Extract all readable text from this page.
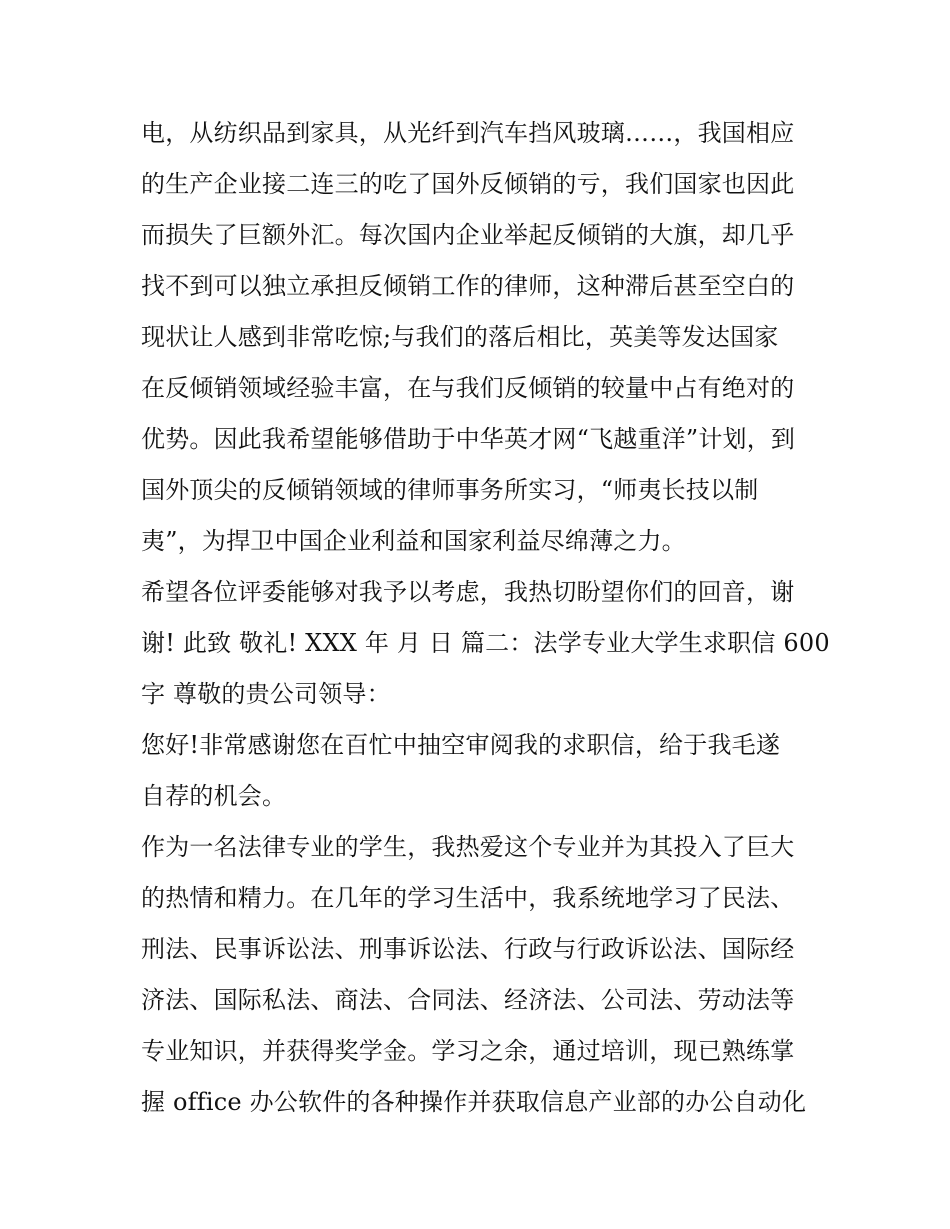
电，从纺织品到家具，从光纤到汽车挡风玻璃……，我国相应
的生产企业接二连三的吃了国外反倾销的亏，我们国家也因此
而损失了巨额外汇。每次国内企业举起反倾销的大旗，却几乎
找不到可以独立承担反倾销工作的律师，这种滞后甚至空白的
现状让人感到非常吃惊;与我们的落后相比，英美等发达国家
在反倾销领域经验丰富，在与我们反倾销的较量中占有绝对的
优势。因此我希望能够借助于中华英才网“飞越重洋”计划，到
国外顶尖的反倾销领域的律师事务所实习，“师夷长技以制
夷”，为捍卫中国企业利益和国家利益尽绵薄之力。
希望各位评委能够对我予以考虑，我热切盼望你们的回音，谢
谢! 此致 敬礼! XXX 年 月 日 篇二：法学专业大学生求职信 600
字 尊敬的贵公司领导：
您好!非常感谢您在百忙中抽空审阅我的求职信，给于我毛遂
自荐的机会。
作为一名法律专业的学生，我热爱这个专业并为其投入了巨大
的热情和精力。在几年的学习生活中，我系统地学习了民法、
刑法、民事诉讼法、刑事诉讼法、行政与行政诉讼法、国际经
济法、国际私法、商法、合同法、经济法、公司法、劳动法等
专业知识，并获得奖学金。学习之余，通过培训，现已熟练掌
握 office 办公软件的各种操作并获取信息产业部的办公自动化
